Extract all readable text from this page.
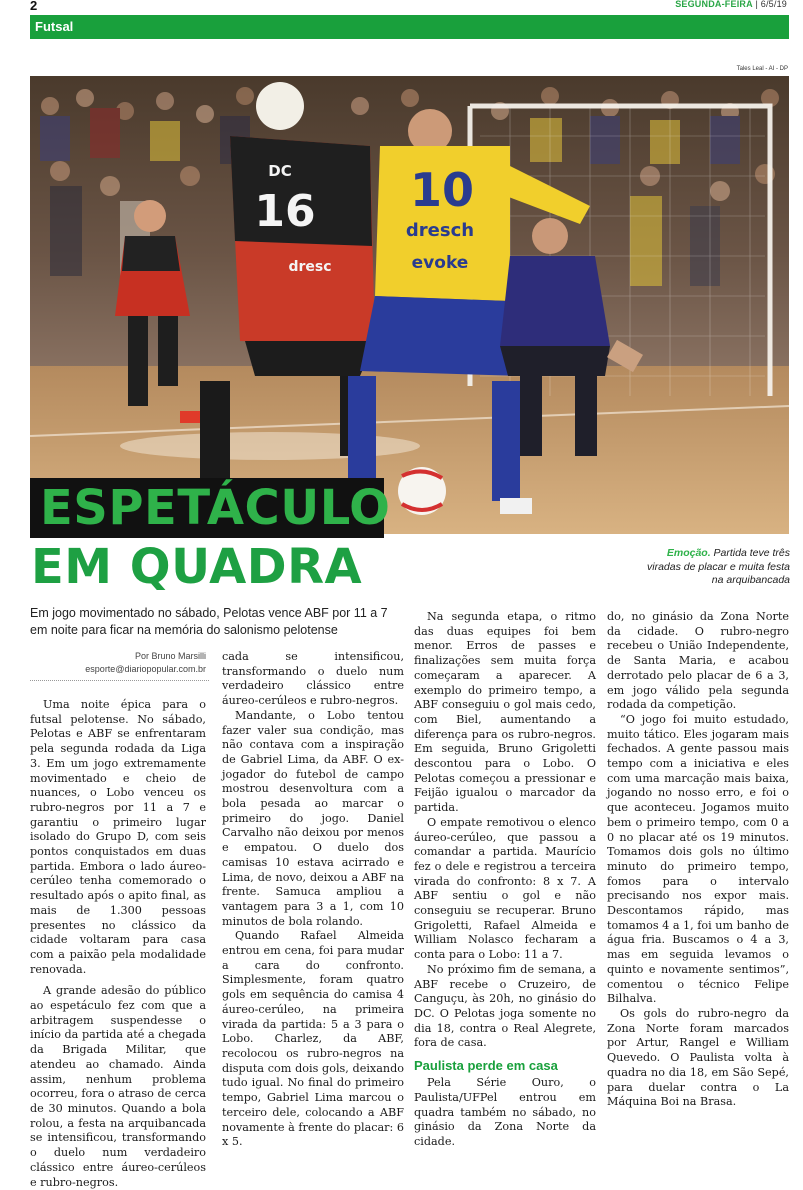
2	SEGUNDA-FEIRA | 6/5/19
Futsal
Tales Leal - AI - DP
16
DC
dresc
10
dresch
evoke
ESPETÁCULO
EM QUADRA	Emoção. Partida teve três viradas de placar e muita festa na arquibancada
Em jogo movimentado no sábado, Pelotas vence ABF por 11 a 7 em noite para ficar na memória do salonismo pelotense
Por Bruno Marsilli
esporte@diariopopular.com.br

Uma noite épica para o futsal pelotense. No sábado, Pelotas e ABF se enfrentaram pela segunda rodada da Liga 3. Em um jogo extremamente movimentado e cheio de nuances, o Lobo venceu os rubro-negros por 11 a 7 e garantiu o primeiro lugar isolado do Grupo D, com seis pontos conquistados em duas partida. Embora o lado áureo-cerúleo tenha comemorado o resultado após o apito final, as mais de 1.300 pessoas presentes no clássico da cidade voltaram para casa com a paixão pela modalidade renovada.

A grande adesão do público ao espetáculo fez com que a arbitragem suspendesse o início da partida até a chegada da Brigada Militar, que atendeu ao chamado. Ainda assim, nenhum problema ocorreu, fora o atraso de cerca de 30 minutos. Quando a bola rolou, a festa na arquibancada se intensificou, transformando o duelo num verdadeiro clássico entre áureo-cerúleos e rubro-negros.

cada se intensificou, transformando o duelo num verdadeiro clássico entre áureo-cerúleos e rubro-negros.

Mandante, o Lobo tentou fazer valer sua condição, mas não contava com a inspiração de Gabriel Lima, da ABF. O ex-jogador do futebol de campo mostrou desenvoltura com a bola pesada ao marcar o primeiro do jogo. Daniel Carvalho não deixou por menos e empatou. O duelo dos camisas 10 estava acirrado e Lima, de novo, deixou a ABF na frente. Samuca ampliou a vantagem para 3 a 1, com 10 minutos de bola rolando.

Quando Rafael Almeida entrou em cena, foi para mudar a cara do confronto. Simplesmente, foram quatro gols em sequência do camisa 4 áureo-cerúleo, na primeira virada da partida: 5 a 3 para o Lobo. Charlez, da ABF, recolocou os rubro-negros na disputa com dois gols, deixando tudo igual. No final do primeiro tempo, Gabriel Lima marcou o terceiro dele, colocando a ABF novamente à frente do placar: 6 x 5.

Na segunda etapa, o ritmo das duas equipes foi bem menor. Erros de passes e finalizações sem muita força começaram a aparecer. A exemplo do primeiro tempo, a ABF conseguiu o gol mais cedo, com Biel, aumentando a diferença para os rubro-negros. Em seguida, Bruno Grigoletti descontou para o Lobo. O Pelotas começou a pressionar e Feijão igualou o marcador da partida.

O empate remotivou o elenco áureo-cerúleo, que passou a comandar a partida. Maurício fez o dele e registrou a terceira virada do confronto: 8 x 7. A ABF sentiu o gol e não conseguiu se recuperar. Bruno Grigoletti, Rafael Almeida e William Nolasco fecharam a conta para o Lobo: 11 a 7.

No próximo fim de semana, a ABF recebe o Cruzeiro, de Canguçu, às 20h, no ginásio do DC. O Pelotas joga somente no dia 18, contra o Real Alegrete, fora de casa.

Paulista perde em casa

Pela Série Ouro, o Paulista/UFPel entrou em quadra também no sábado, no ginásio da Zona Norte da cidade.

do, no ginásio da Zona Norte da cidade. O rubro-negro recebeu o União Independente, de Santa Maria, e acabou derrotado pelo placar de 6 a 3, em jogo válido pela segunda rodada da competição.

“O jogo foi muito estudado, muito tático. Eles jogaram mais fechados. A gente passou mais tempo com a iniciativa e eles com uma marcação mais baixa, jogando no nosso erro, e foi o que aconteceu. Jogamos muito bem o primeiro tempo, com 0 a 0 no placar até os 19 minutos. Tomamos dois gols no último minuto do primeiro tempo, fomos para o intervalo precisando nos expor mais. Descontamos rápido, mas tomamos 4 a 1, foi um banho de água fria. Buscamos o 4 a 3, mas em seguida levamos o quinto e novamente sentimos”, comentou o técnico Felipe Bilhalva.

Os gols do rubro-negro da Zona Norte foram marcados por Artur, Rangel e William Quevedo. O Paulista volta à quadra no dia 18, em São Sepé, para duelar contra o La Máquina Boi na Brasa.
